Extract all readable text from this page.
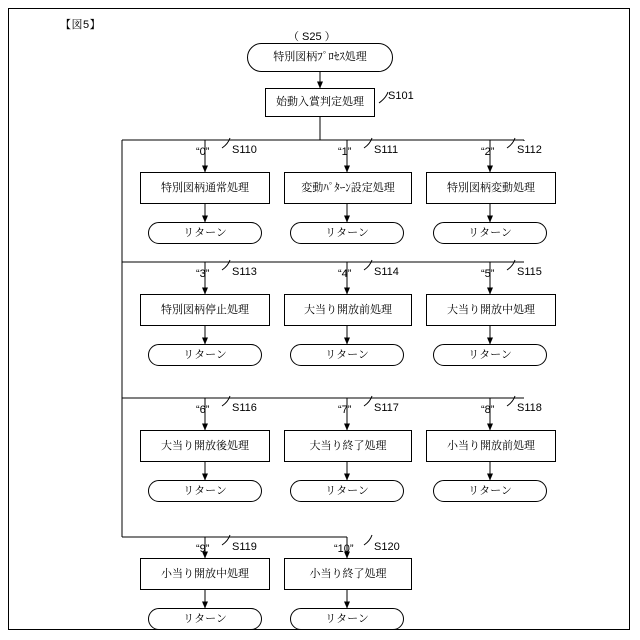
【図5】
（ S25 ）
特別図柄ﾌﾟﾛｾｽ処理
始動入賞判定処理
S101
“0” S110
特別図柄通常処理
リターン
“1” S111
変動ﾊﾟﾀｰﾝ設定処理
リターン
“2” S112
特別図柄変動処理
リターン
“3” S113
特別図柄停止処理
リターン
“4” S114
大当り開放前処理
リターン
“5” S115
大当り開放中処理
リターン
“6” S116
大当り開放後処理
リターン
“7” S117
大当り終了処理
リターン
“8” S118
小当り開放前処理
リターン
“9” S119
小当り開放中処理
リターン
“10” S120
小当り終了処理
リターン
